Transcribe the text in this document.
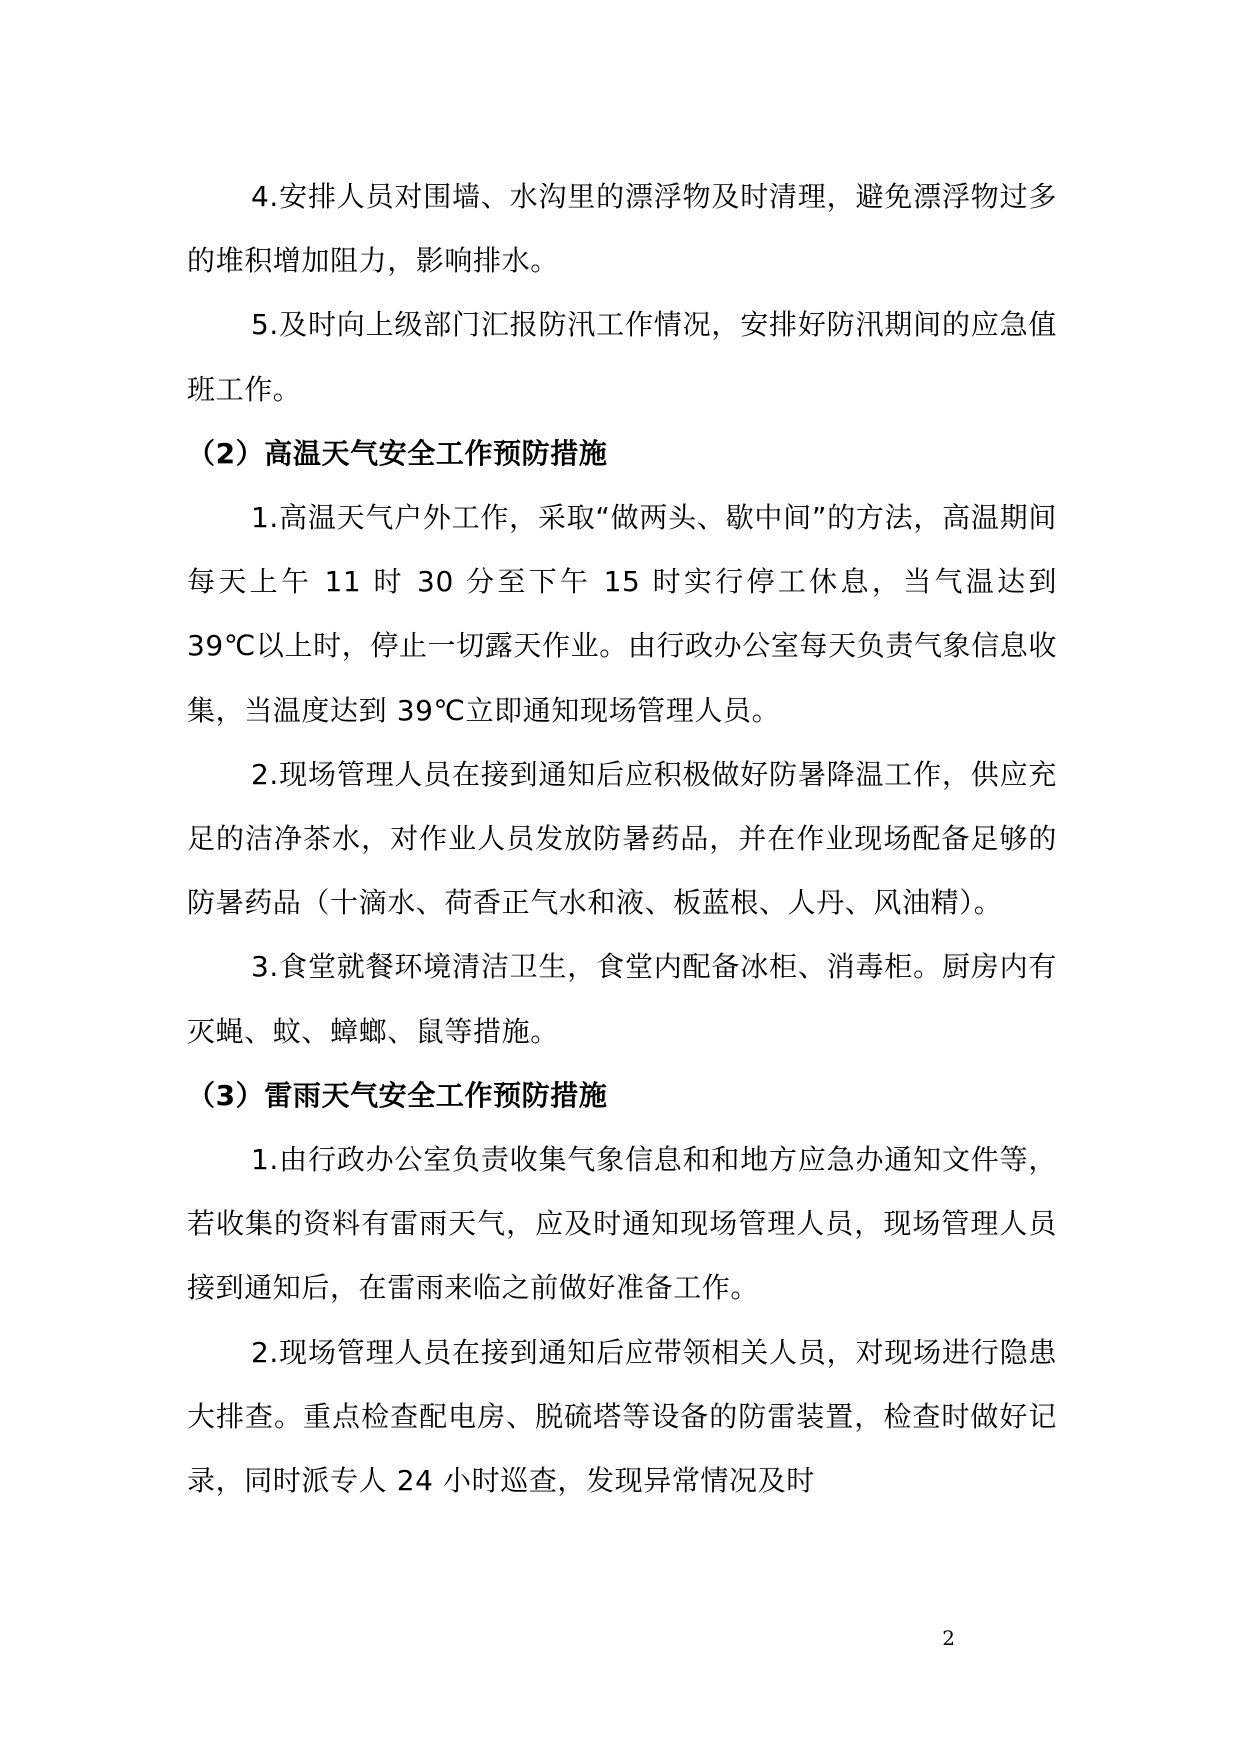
4.安排人员对围墙、水沟里的漂浮物及时清理，避免漂浮物过多的堆积增加阻力，影响排水。

5.及时向上级部门汇报防汛工作情况，安排好防汛期间的应急值班工作。

（2）高温天气安全工作预防措施

1.高温天气户外工作，采取“做两头、歇中间”的方法，高温期间每天上午 11 时 30 分至下午 15 时实行停工休息，当气温达到 39℃以上时，停止一切露天作业。由行政办公室每天负责气象信息收集，当温度达到 39℃立即通知现场管理人员。

2.现场管理人员在接到通知后应积极做好防暑降温工作，供应充足的洁净茶水，对作业人员发放防暑药品，并在作业现场配备足够的防暑药品（十滴水、荷香正气水和液、板蓝根、人丹、风油精）。

3.食堂就餐环境清洁卫生，食堂内配备冰柜、消毒柜。厨房内有灭蝇、蚊、蟑螂、鼠等措施。

（3）雷雨天气安全工作预防措施

1.由行政办公室负责收集气象信息和和地方应急办通知文件等，若收集的资料有雷雨天气，应及时通知现场管理人员，现场管理人员接到通知后，在雷雨来临之前做好准备工作。

2.现场管理人员在接到通知后应带领相关人员，对现场进行隐患大排查。重点检查配电房、脱硫塔等设备的防雷装置，检查时做好记录，同时派专人 24 小时巡查，发现异常情况及时

2
